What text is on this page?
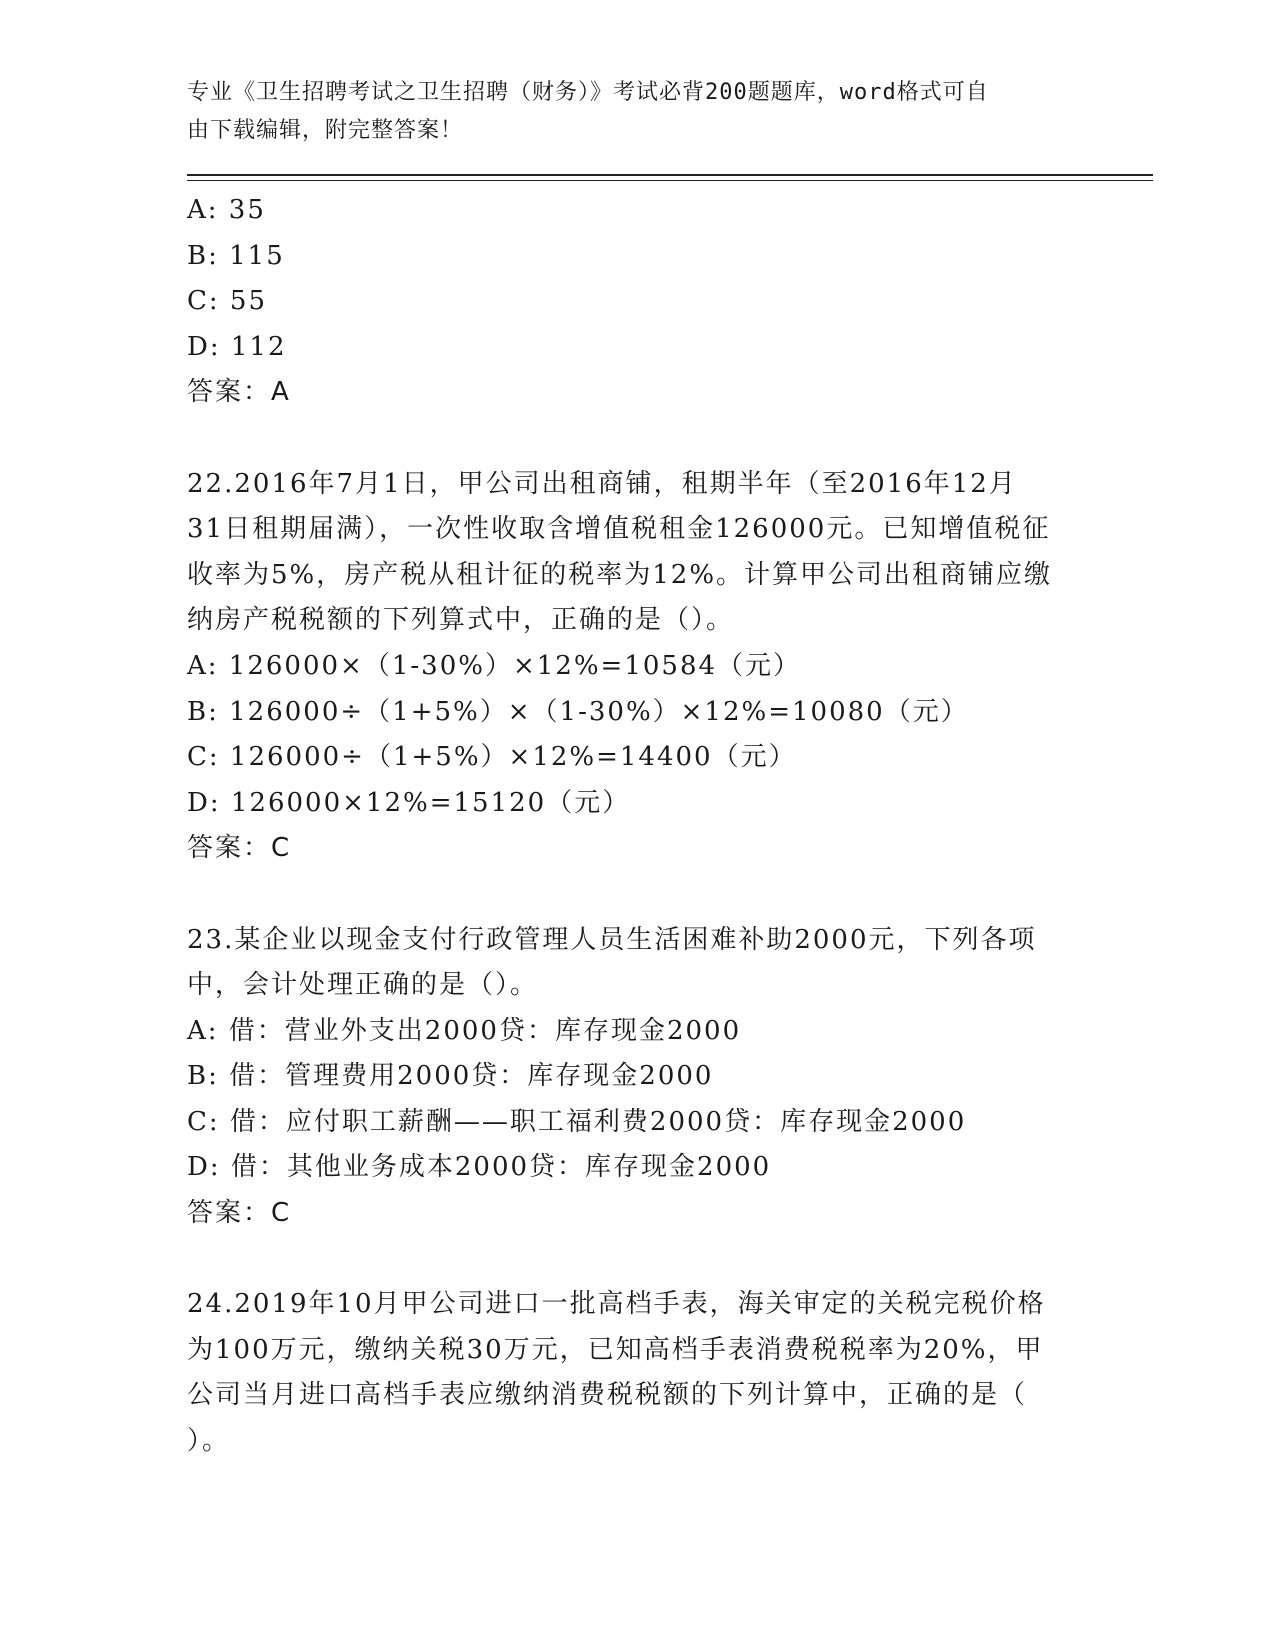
专业《卫生招聘考试之卫生招聘（财务）》考试必背200题题库，word格式可自
由下载编辑，附完整答案！
A: 35
B: 115
C: 55
D: 112
答案：A
22.2016年7月1日，甲公司出租商铺，租期半年（至2016年12月
31日租期届满），一次性收取含增值税租金126000元。已知增值税征
收率为5%，房产税从租计征的税率为12%。计算甲公司出租商铺应缴
纳房产税税额的下列算式中，正确的是（）。
A: 126000×（1-30%）×12%=10584（元）
B: 126000÷（1+5%）×（1-30%）×12%=10080（元）
C: 126000÷（1+5%）×12%=14400（元）
D: 126000×12%=15120（元）
答案：C
23.某企业以现金支付行政管理人员生活困难补助2000元，下列各项
中，会计处理正确的是（）。
A: 借：营业外支出2000贷：库存现金2000
B: 借：管理费用2000贷：库存现金2000
C: 借：应付职工薪酬——职工福利费2000贷：库存现金2000
D: 借：其他业务成本2000贷：库存现金2000
答案：C
24.2019年10月甲公司进口一批高档手表，海关审定的关税完税价格
为100万元，缴纳关税30万元，已知高档手表消费税税率为20%，甲
公司当月进口高档手表应缴纳消费税税额的下列计算中，正确的是（
）。
